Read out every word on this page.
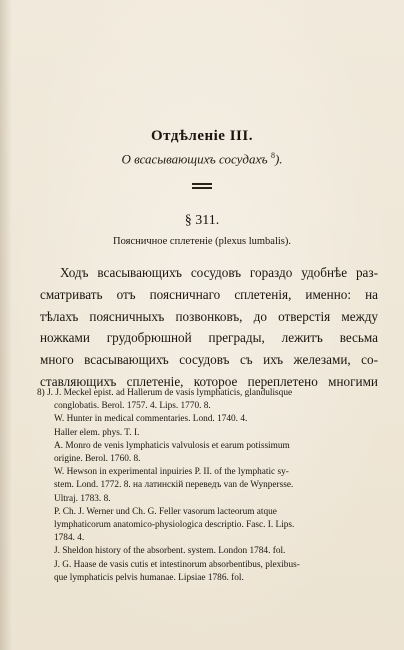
Отдѣленіе III.
О всасывающихъ сосудахъ $^8$).
§ 311.
Поясничное сплетеніе (plexus lumbalis).
Ходъ всасывающихъ сосудовъ гораздо удобнѣе раз-
сматривать отъ поясничнаго сплетенія, именно: на
тѣлахъ поясничныхъ позвонковъ, до отверстія между
ножками грудобрюшной преграды, лежитъ весьма
много всасывающихъ сосудовъ съ ихъ железами, со-
ставляющихъ сплетеніе, которое переплетено многими
8) J. J. Meckel epist. ad Hallerum de vasis lymphaticis, glandulisque
conglobatis. Berol. 1757. 4. Lips. 1770. 8.
W. Hunter in medical commentaries. Lond. 1740. 4.
Haller elem. phys. T. I.
A. Monro de venis lymphaticis valvulosis et earum potissimum
origine. Berol. 1760. 8.
W. Hewson in experimental inpuiries P. II. of the lymphatic sy-
stem. Lond. 1772. 8. на латинскій переведъ van de Wynpersse.
Ultraj. 1783. 8.
P. Ch. J. Werner und Ch. G. Feller vasorum lacteorum atque
lymphaticorum anatomico-physiologica descriptio. Fasc. I. Lips.
1784. 4.
J. Sheldon history of the absorbent. system. London 1784. fol.
J. G. Haase de vasis cutis et intestinorum absorbentibus, plexibus-
que lymphaticis pelvis humanae. Lipsiae 1786. fol.
